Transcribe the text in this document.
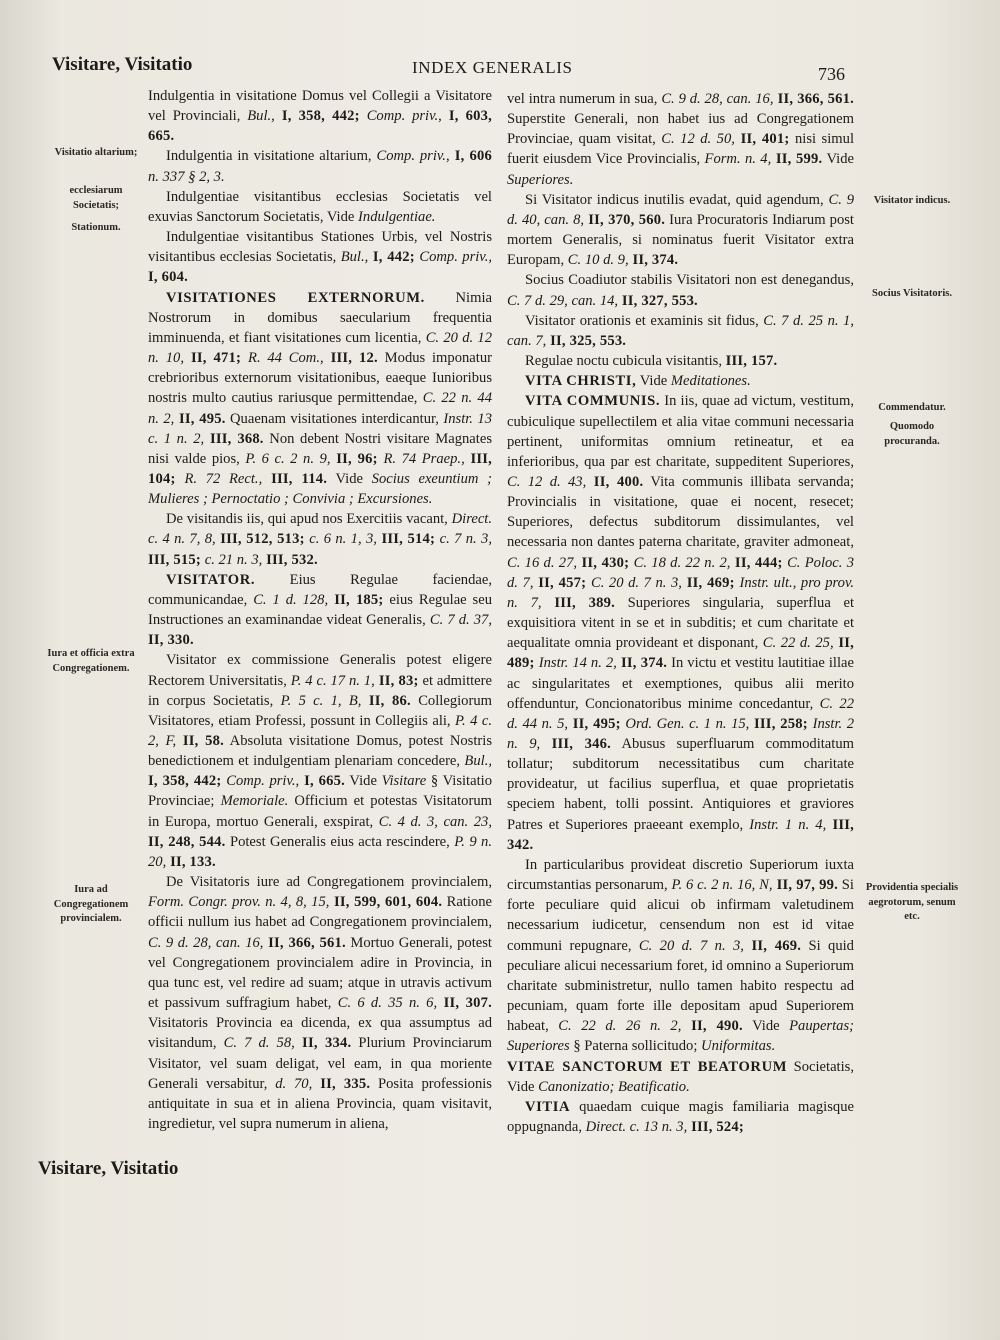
Visitare, Visitatio	INDEX GENERALIS	736
Visitatio altarium;
ecclesiarum Societatis;
Stationum.
Iura et officia extra Congregationem.
Iura ad Congregationem provincialem.
Visitator indicus.
Socius Visitatoris.
Commendatur.
Quomodo procuranda.
Providentia specialis aegrotorum, senum etc.

Indulgentia in visitatione Domus vel Collegii a Visitatore vel Provinciali, Bul., I, 358, 442; Comp. priv., I, 603, 665.

Indulgentia in visitatione altarium, Comp. priv., I, 606 n. 337 § 2, 3.

Indulgentiae visitantibus ecclesias Societatis vel exuvias Sanctorum Societatis, Vide Indulgentiae.

Indulgentiae visitantibus Stationes Urbis, vel Nostris visitantibus ecclesias Societatis, Bul., I, 442; Comp. priv., I, 604.

VISITATIONES EXTERNORUM. Nimia Nostrorum in domibus saecularium frequentia imminuenda, et fiant visitationes cum licentia, C. 20 d. 12 n. 10, II, 471; R. 44 Com., III, 12. Modus imponatur crebrioribus externorum visitationibus, eaeque Iunioribus nostris multo cautius rariusque permittendae, C. 22 n. 44 n. 2, II, 495. Quaenam visitationes interdicantur, Instr. 13 c. 1 n. 2, III, 368. Non debent Nostri visitare Magnates nisi valde pios, P. 6 c. 2 n. 9, II, 96; R. 74 Praep., III, 104; R. 72 Rect., III, 114. Vide Socius exeuntium ; Mulieres ; Pernoctatio ; Convivia ; Excursiones.

De visitandis iis, qui apud nos Exercitiis vacant, Direct. c. 4 n. 7, 8, III, 512, 513; c. 6 n. 1, 3, III, 514; c. 7 n. 3, III, 515; c. 21 n. 3, III, 532.

VISITATOR. Eius Regulae faciendae, communicandae, C. 1 d. 128, II, 185; eius Regulae seu Instructiones an examinandae videat Generalis, C. 7 d. 37, II, 330.

Visitator ex commissione Generalis potest eligere Rectorem Universitatis, P. 4 c. 17 n. 1, II, 83; et admittere in corpus Societatis, P. 5 c. 1, B, II, 86. Collegiorum Visitatores, etiam Professi, possunt in Collegiis ali, P. 4 c. 2, F, II, 58. Absoluta visitatione Domus, potest Nostris benedictionem et indulgentiam plenariam concedere, Bul., I, 358, 442; Comp. priv., I, 665. Vide Visitare § Visitatio Provinciae; Memoriale. Officium et potestas Visitatorum in Europa, mortuo Generali, exspirat, C. 4 d. 3, can. 23, II, 248, 544. Potest Generalis eius acta rescindere, P. 9 n. 20, II, 133.

De Visitatoris iure ad Congregationem provincialem, Form. Congr. prov. n. 4, 8, 15, II, 599, 601, 604. Ratione officii nullum ius habet ad Congregationem provincialem, C. 9 d. 28, can. 16, II, 366, 561. Mortuo Generali, potest vel Congregationem provincialem adire in Provincia, in qua tunc est, vel redire ad suam; atque in utravis activum et passivum suffragium habet, C. 6 d. 35 n. 6, II, 307. Visitatoris Provincia ea dicenda, ex qua assumptus ad visitandum, C. 7 d. 58, II, 334. Plurium Provinciarum Visitator, vel suam deligat, vel eam, in qua moriente Generali versabitur, d. 70, II, 335. Posita professionis antiquitate in sua et in aliena Provincia, quam visitavit, ingredietur, vel supra numerum in aliena,

vel intra numerum in sua, C. 9 d. 28, can. 16, II, 366, 561. Superstite Generali, non habet ius ad Congregationem Provinciae, quam visitat, C. 12 d. 50, II, 401; nisi simul fuerit eiusdem Vice Provincialis, Form. n. 4, II, 599. Vide Superiores.

Si Visitator indicus inutilis evadat, quid agendum, C. 9 d. 40, can. 8, II, 370, 560. Iura Procuratoris Indiarum post mortem Generalis, si nominatus fuerit Visitator extra Europam, C. 10 d. 9, II, 374.

Socius Coadiutor stabilis Visitatori non est denegandus, C. 7 d. 29, can. 14, II, 327, 553.

Visitator orationis et examinis sit fidus, C. 7 d. 25 n. 1, can. 7, II, 325, 553.

Regulae noctu cubicula visitantis, III, 157.

VITA CHRISTI, Vide Meditationes.

VITA COMMUNIS. In iis, quae ad victum, vestitum, cubiculique supellectilem et alia vitae communi necessaria pertinent, uniformitas omnium retineatur, et ea inferioribus, qua par est charitate, suppeditent Superiores, C. 12 d. 43, II, 400. Vita communis illibata servanda; Provincialis in visitatione, quae ei nocent, resecet; Superiores, defectus subditorum dissimulantes, vel necessaria non dantes paterna charitate, graviter admoneat, C. 16 d. 27, II, 430; C. 18 d. 22 n. 2, II, 444; C. Poloc. 3 d. 7, II, 457; C. 20 d. 7 n. 3, II, 469; Instr. ult., pro prov. n. 7, III, 389. Superiores singularia, superflua et exquisitiora vitent in se et in subditis; et cum charitate et aequalitate omnia provideant et disponant, C. 22 d. 25, II, 489; Instr. 14 n. 2, II, 374. In victu et vestitu lautitiae illae ac singularitates et exemptiones, quibus alii merito offenduntur, Concionatoribus minime concedantur, C. 22 d. 44 n. 5, II, 495; Ord. Gen. c. 1 n. 15, III, 258; Instr. 2 n. 9, III, 346. Abusus superfluarum commoditatum tollatur; subditorum necessitatibus cum charitate provideatur, ut facilius superflua, et quae proprietatis speciem habent, tolli possint. Antiquiores et graviores Patres et Superiores praeeant exemplo, Instr. 1 n. 4, III, 342.

In particularibus provideat discretio Superiorum iuxta circumstantias personarum, P. 6 c. 2 n. 16, N, II, 97, 99. Si forte peculiare quid alicui ob infirmam valetudinem necessarium iudicetur, censendum non est id vitae communi repugnare, C. 20 d. 7 n. 3, II, 469. Si quid peculiare alicui necessarium foret, id omnino a Superiorum charitate subministretur, nullo tamen habito respectu ad pecuniam, quam forte ille depositam apud Superiorem habeat, C. 22 d. 26 n. 2, II, 490. Vide Paupertas; Superiores § Paterna sollicitudo; Uniformitas.

VITAE SANCTORUM ET BEATORUM Societatis, Vide Canonizatio; Beatificatio.

VITIA quaedam cuique magis familiaria magisque oppugnanda, Direct. c. 13 n. 3, III, 524;

Visitare, Visitatio
